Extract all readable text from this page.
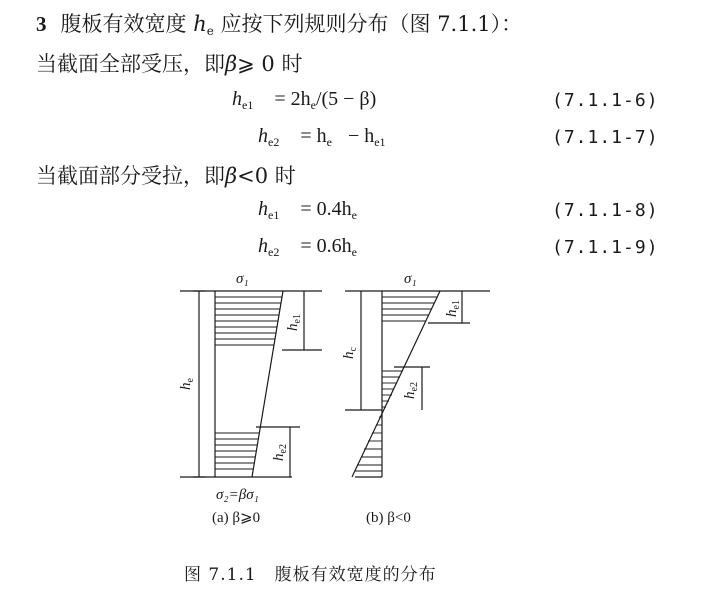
3 腹板有效宽度 $h_e$ 应按下列规则分布（图 7.1.1）：
当截面全部受压，即β⩾ 0 时
$h_{e1} = 2h_e/(5 - \beta)$	(7.1.1-6)
$h_{e2} = h_e - h_{e1}$	(7.1.1-7)
当截面部分受拉，即β<0 时
$h_{e1} = 0.4h_e$	(7.1.1-8)
$h_{e2} = 0.6h_e$	(7.1.1-9)
σ₁
$h_e$
$h_{e1}$
$h_{e2}$
σ₂=βσ₁
(a) β⩾0
σ₁
$h_c$
$h_{e1}$
$h_{e2}$
(b) β<0
图 7.1.1　腹板有效宽度的分布
